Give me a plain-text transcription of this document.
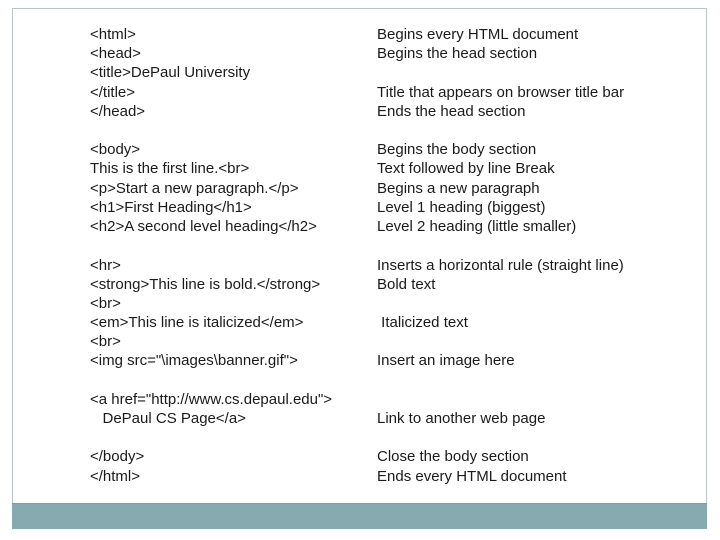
<html>
<head>
<title>DePaul University
</title>
</head>
<body>
This is the first line.<br>
<p>Start a new paragraph.</p>
<h1>First Heading</h1>
<h2>A second level heading</h2>
<hr>
<strong>This line is bold.</strong>
<br>
<em>This line is italicized</em>
<br>
<img src="\images\banner.gif">
<a href="http://www.cs.depaul.edu">
DePaul CS Page</a>
</body>
</html>
Begins every HTML document
Begins the head section
Title that appears on browser title bar
Ends the head section
Begins the body section
Text followed by line Break
Begins a new paragraph
Level 1 heading (biggest)
Level 2 heading (little smaller)
Inserts a horizontal rule (straight line)
Bold text
Italicized text
Insert an image here
Link to another web page
Close the body section
Ends every HTML document
